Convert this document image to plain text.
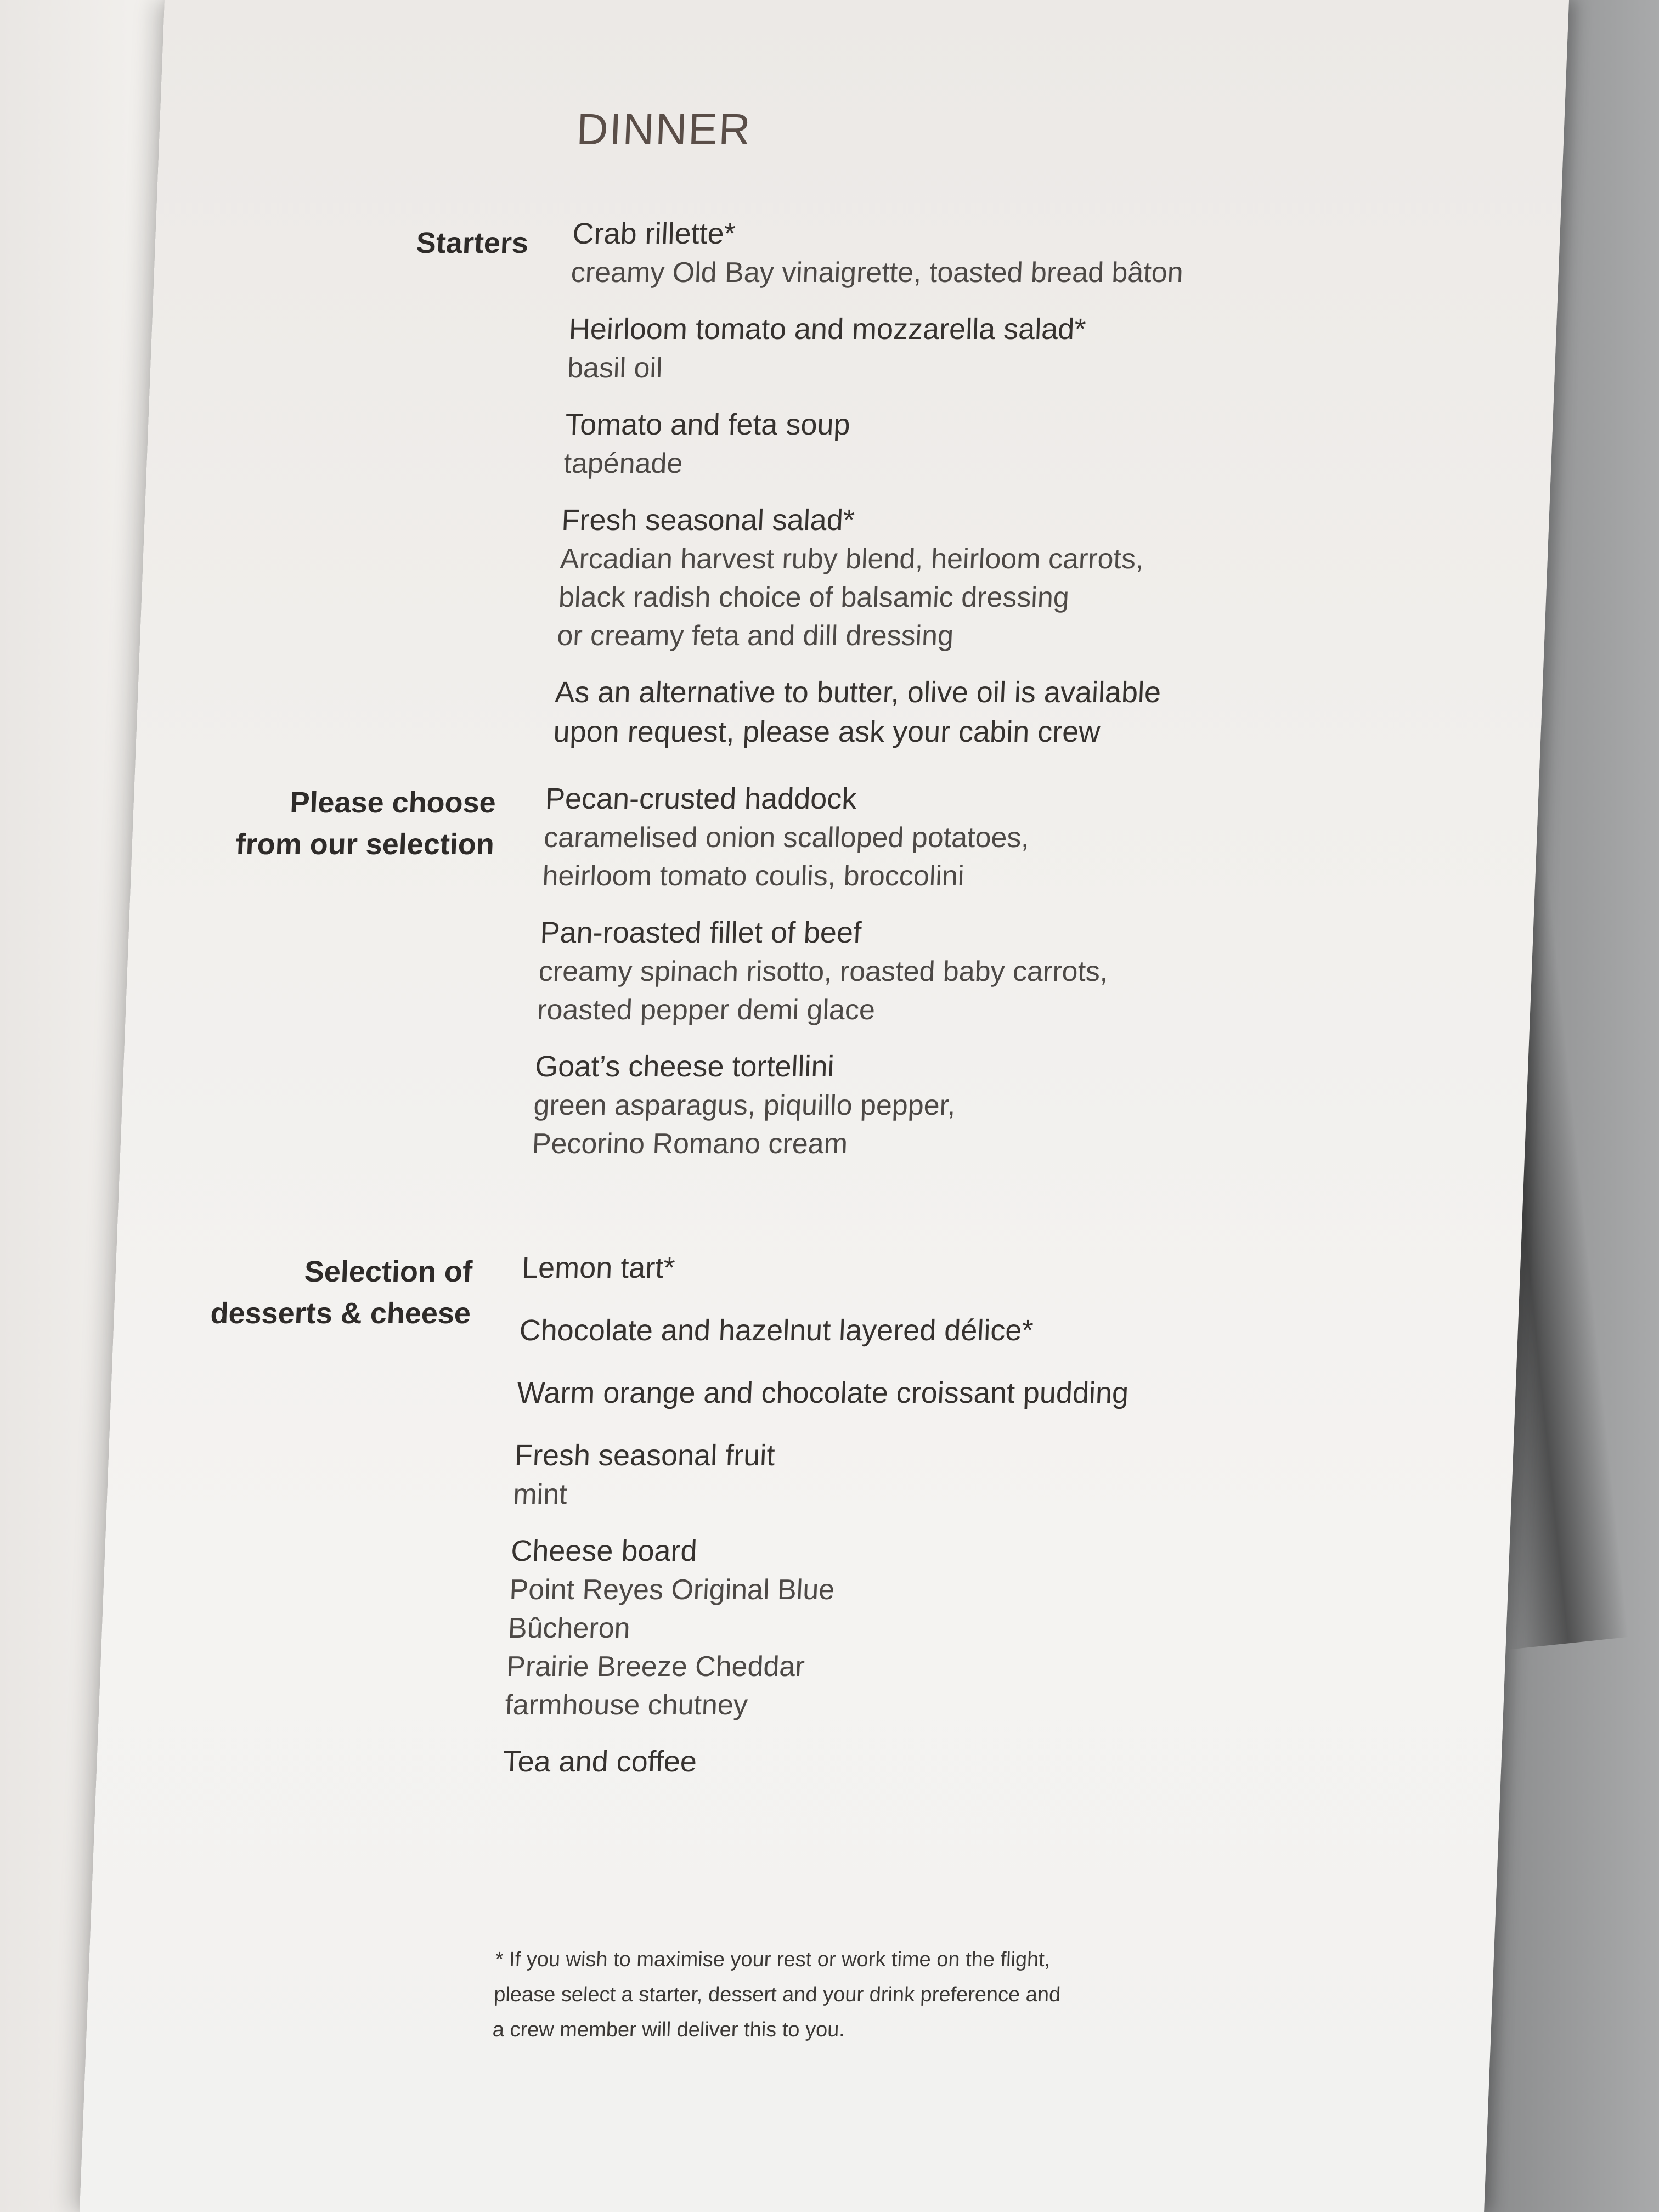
DINNER
Starters Crab rillette*
creamy Old Bay vinaigrette, toasted bread bâton
Heirloom tomato and mozzarella salad*
basil oil
Tomato and feta soup
tapénade
Fresh seasonal salad*
Arcadian harvest ruby blend, heirloom carrots,
black radish choice of balsamic dressing
or creamy feta and dill dressing
As an alternative to butter, olive oil is available
upon request, please ask your cabin crew
Please choose
from our selection
Pecan-crusted haddock
caramelised onion scalloped potatoes,
heirloom tomato coulis, broccolini
Pan-roasted fillet of beef
creamy spinach risotto, roasted baby carrots,
roasted pepper demi glace
Goat’s cheese tortellini
green asparagus, piquillo pepper,
Pecorino Romano cream
Selection of
desserts & cheese
Lemon tart*
Chocolate and hazelnut layered délice*
Warm orange and chocolate croissant pudding
Fresh seasonal fruit
mint
Cheese board
Point Reyes Original Blue
Bûcheron
Prairie Breeze Cheddar
farmhouse chutney
Tea and coffee
* If you wish to maximise your rest or work time on the flight,
please select a starter, dessert and your drink preference and
a crew member will deliver this to you.
